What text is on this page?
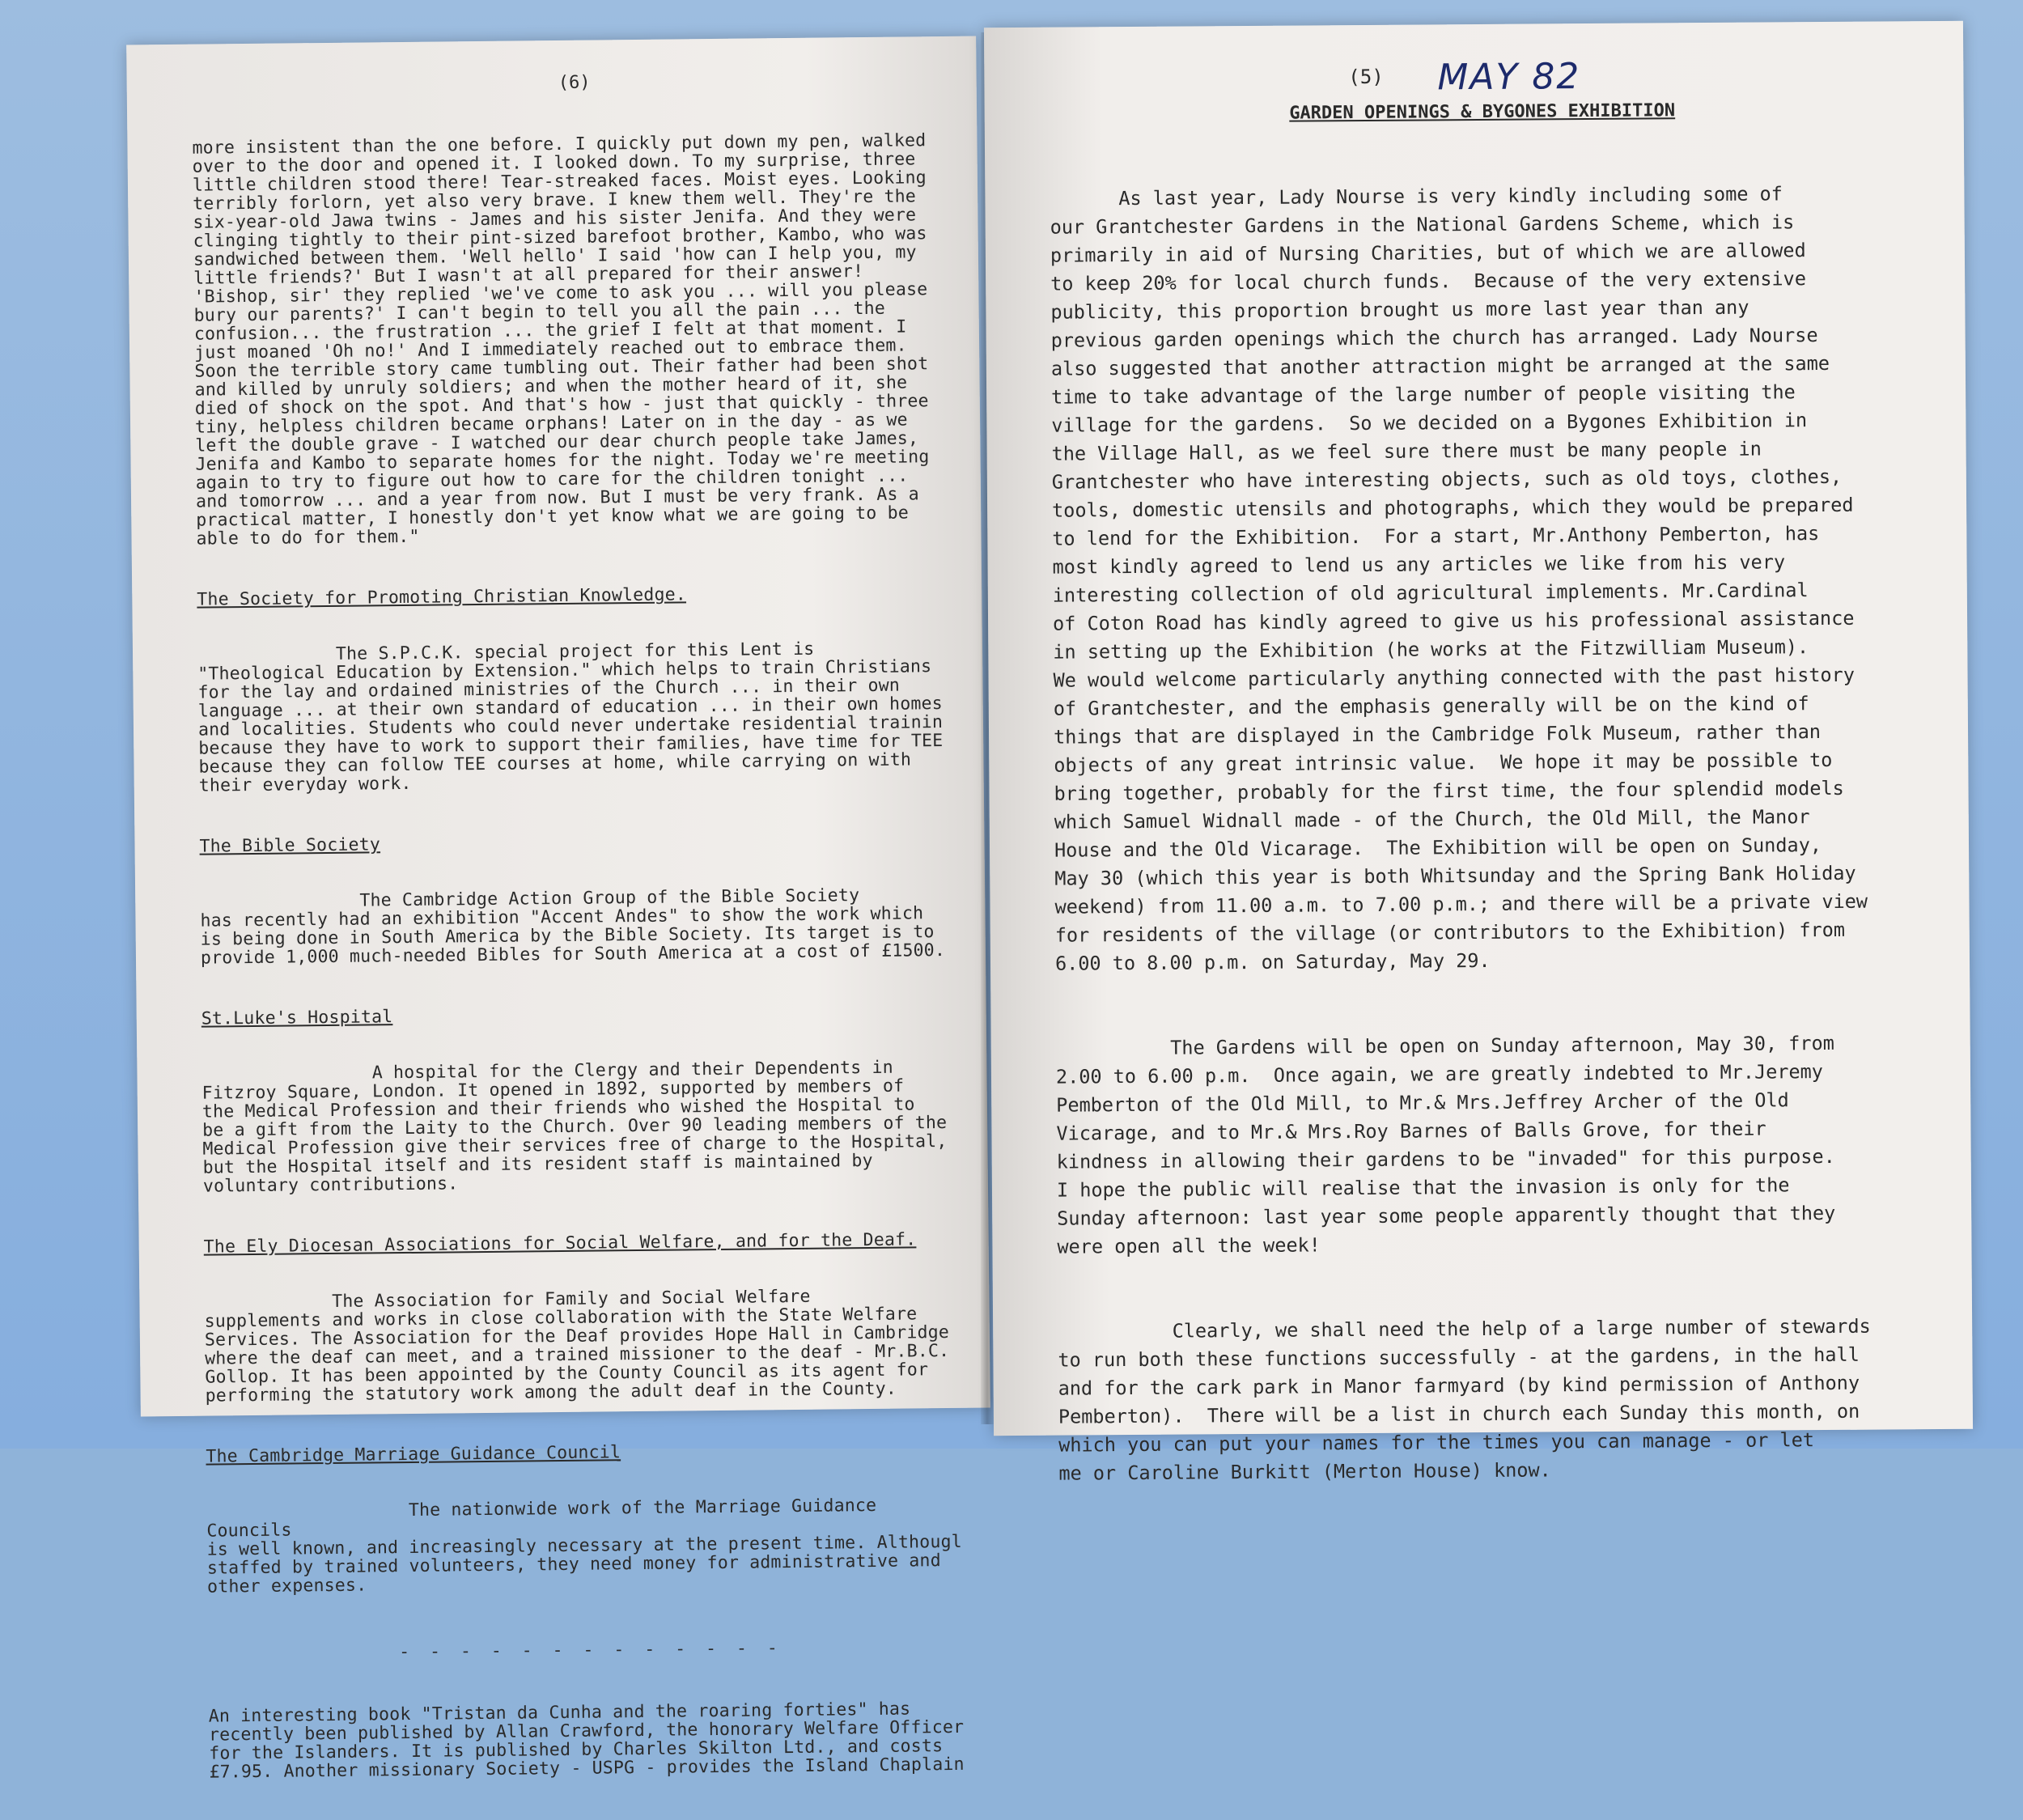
(6)

more insistent than the one before. I quickly put down my pen, walked
over to the door and opened it. I looked down. To my surprise, three
little children stood there! Tear-streaked faces. Moist eyes. Looking
terribly forlorn, yet also very brave. I knew them well. They're the
six-year-old Jawa twins - James and his sister Jenifa. And they were
clinging tightly to their pint-sized barefoot brother, Kambo, who was
sandwiched between them. 'Well hello' I said 'how can I help you, my
little friends?' But I wasn't at all prepared for their answer!
'Bishop, sir' they replied 'we've come to ask you ... will you please
bury our parents?' I can't begin to tell you all the pain ... the
confusion... the frustration ... the grief I felt at that moment. I
just moaned 'Oh no!' And I immediately reached out to embrace them.
Soon the terrible story came tumbling out. Their father had been shot
and killed by unruly soldiers; and when the mother heard of it, she
died of shock on the spot. And that's how - just that quickly - three
tiny, helpless children became orphans! Later on in the day - as we
left the double grave - I watched our dear church people take James,
Jenifa and Kambo to separate homes for the night. Today we're meeting
again to try to figure out how to care for the children tonight ...
and tomorrow ... and a year from now. But I must be very frank. As a
practical matter, I honestly don't yet know what we are going to be
able to do for them."

The Society for Promoting Christian Knowledge.

The S.P.C.K. special project for this Lent is
"Theological Education by Extension." which helps to train Christians
for the lay and ordained ministries of the Church ... in their own
language ... at their own standard of education ... in their own homes
and localities. Students who could never undertake residential trainin
because they have to work to support their families, have time for TEE
because they can follow TEE courses at home, while carrying on with
their everyday work.

The Bible Society

The Cambridge Action Group of the Bible Society
has recently had an exhibition "Accent Andes" to show the work which
is being done in South America by the Bible Society. Its target is to
provide 1,000 much-needed Bibles for South America at a cost of £1500.

St.Luke's Hospital

A hospital for the Clergy and their Dependents in
Fitzroy Square, London. It opened in 1892, supported by members of
the Medical Profession and their friends who wished the Hospital to
be a gift from the Laity to the Church. Over 90 leading members of the
Medical Profession give their services free of charge to the Hospital,
but the Hospital itself and its resident staff is maintained by
voluntary contributions.

The Ely Diocesan Associations for Social Welfare, and for the Deaf.

The Association for Family and Social Welfare
supplements and works in close collaboration with the State Welfare
Services. The Association for the Deaf provides Hope Hall in Cambridge
where the deaf can meet, and a trained missioner to the deaf - Mr.B.C.
Gollop. It has been appointed by the County Council as its agent for
performing the statutory work among the adult deaf in the County.

The Cambridge Marriage Guidance Council

The nationwide work of the Marriage Guidance Councils
is well known, and increasingly necessary at the present time. Althougl
staffed by trained volunteers, they need money for administrative and
other expenses.

- - - - - - - - - - - - -

An interesting book "Tristan da Cunha and the roaring forties" has
recently been published by Allan Crawford, the honorary Welfare Officer
for the Islanders. It is published by Charles Skilton Ltd., and costs
£7.95. Another missionary Society - USPG - provides the Island Chaplain

(5) MAY 82
GARDEN OPENINGS & BYGONES EXHIBITION

As last year, Lady Nourse is very kindly including some of
our Grantchester Gardens in the National Gardens Scheme, which is
primarily in aid of Nursing Charities, but of which we are allowed
to keep 20% for local church funds.  Because of the very extensive
publicity, this proportion brought us more last year than any
previous garden openings which the church has arranged. Lady Nourse
also suggested that another attraction might be arranged at the same
time to take advantage of the large number of people visiting the
village for the gardens.  So we decided on a Bygones Exhibition in
the Village Hall, as we feel sure there must be many people in
Grantchester who have interesting objects, such as old toys, clothes,
tools, domestic utensils and photographs, which they would be prepared
to lend for the Exhibition.  For a start, Mr.Anthony Pemberton, has
most kindly agreed to lend us any articles we like from his very
interesting collection of old agricultural implements. Mr.Cardinal
of Coton Road has kindly agreed to give us his professional assistance
in setting up the Exhibition (he works at the Fitzwilliam Museum).
We would welcome particularly anything connected with the past history
of Grantchester, and the emphasis generally will be on the kind of
things that are displayed in the Cambridge Folk Museum, rather than
objects of any great intrinsic value.  We hope it may be possible to
bring together, probably for the first time, the four splendid models
which Samuel Widnall made - of the Church, the Old Mill, the Manor
House and the Old Vicarage.  The Exhibition will be open on Sunday,
May 30 (which this year is both Whitsunday and the Spring Bank Holiday
weekend) from 11.00 a.m. to 7.00 p.m.; and there will be a private view
for residents of the village (or contributors to the Exhibition) from
6.00 to 8.00 p.m. on Saturday, May 29.

The Gardens will be open on Sunday afternoon, May 30, from
2.00 to 6.00 p.m.  Once again, we are greatly indebted to Mr.Jeremy
Pemberton of the Old Mill, to Mr.& Mrs.Jeffrey Archer of the Old
Vicarage, and to Mr.& Mrs.Roy Barnes of Balls Grove, for their
kindness in allowing their gardens to be "invaded" for this purpose.
I hope the public will realise that the invasion is only for the
Sunday afternoon: last year some people apparently thought that they
were open all the week!

Clearly, we shall need the help of a large number of stewards
to run both these functions successfully - at the gardens, in the hall
and for the cark park in Manor farmyard (by kind permission of Anthony
Pemberton).  There will be a list in church each Sunday this month, on
which you can put your names for the times you can manage - or let
me or Caroline Burkitt (Merton House) know.
